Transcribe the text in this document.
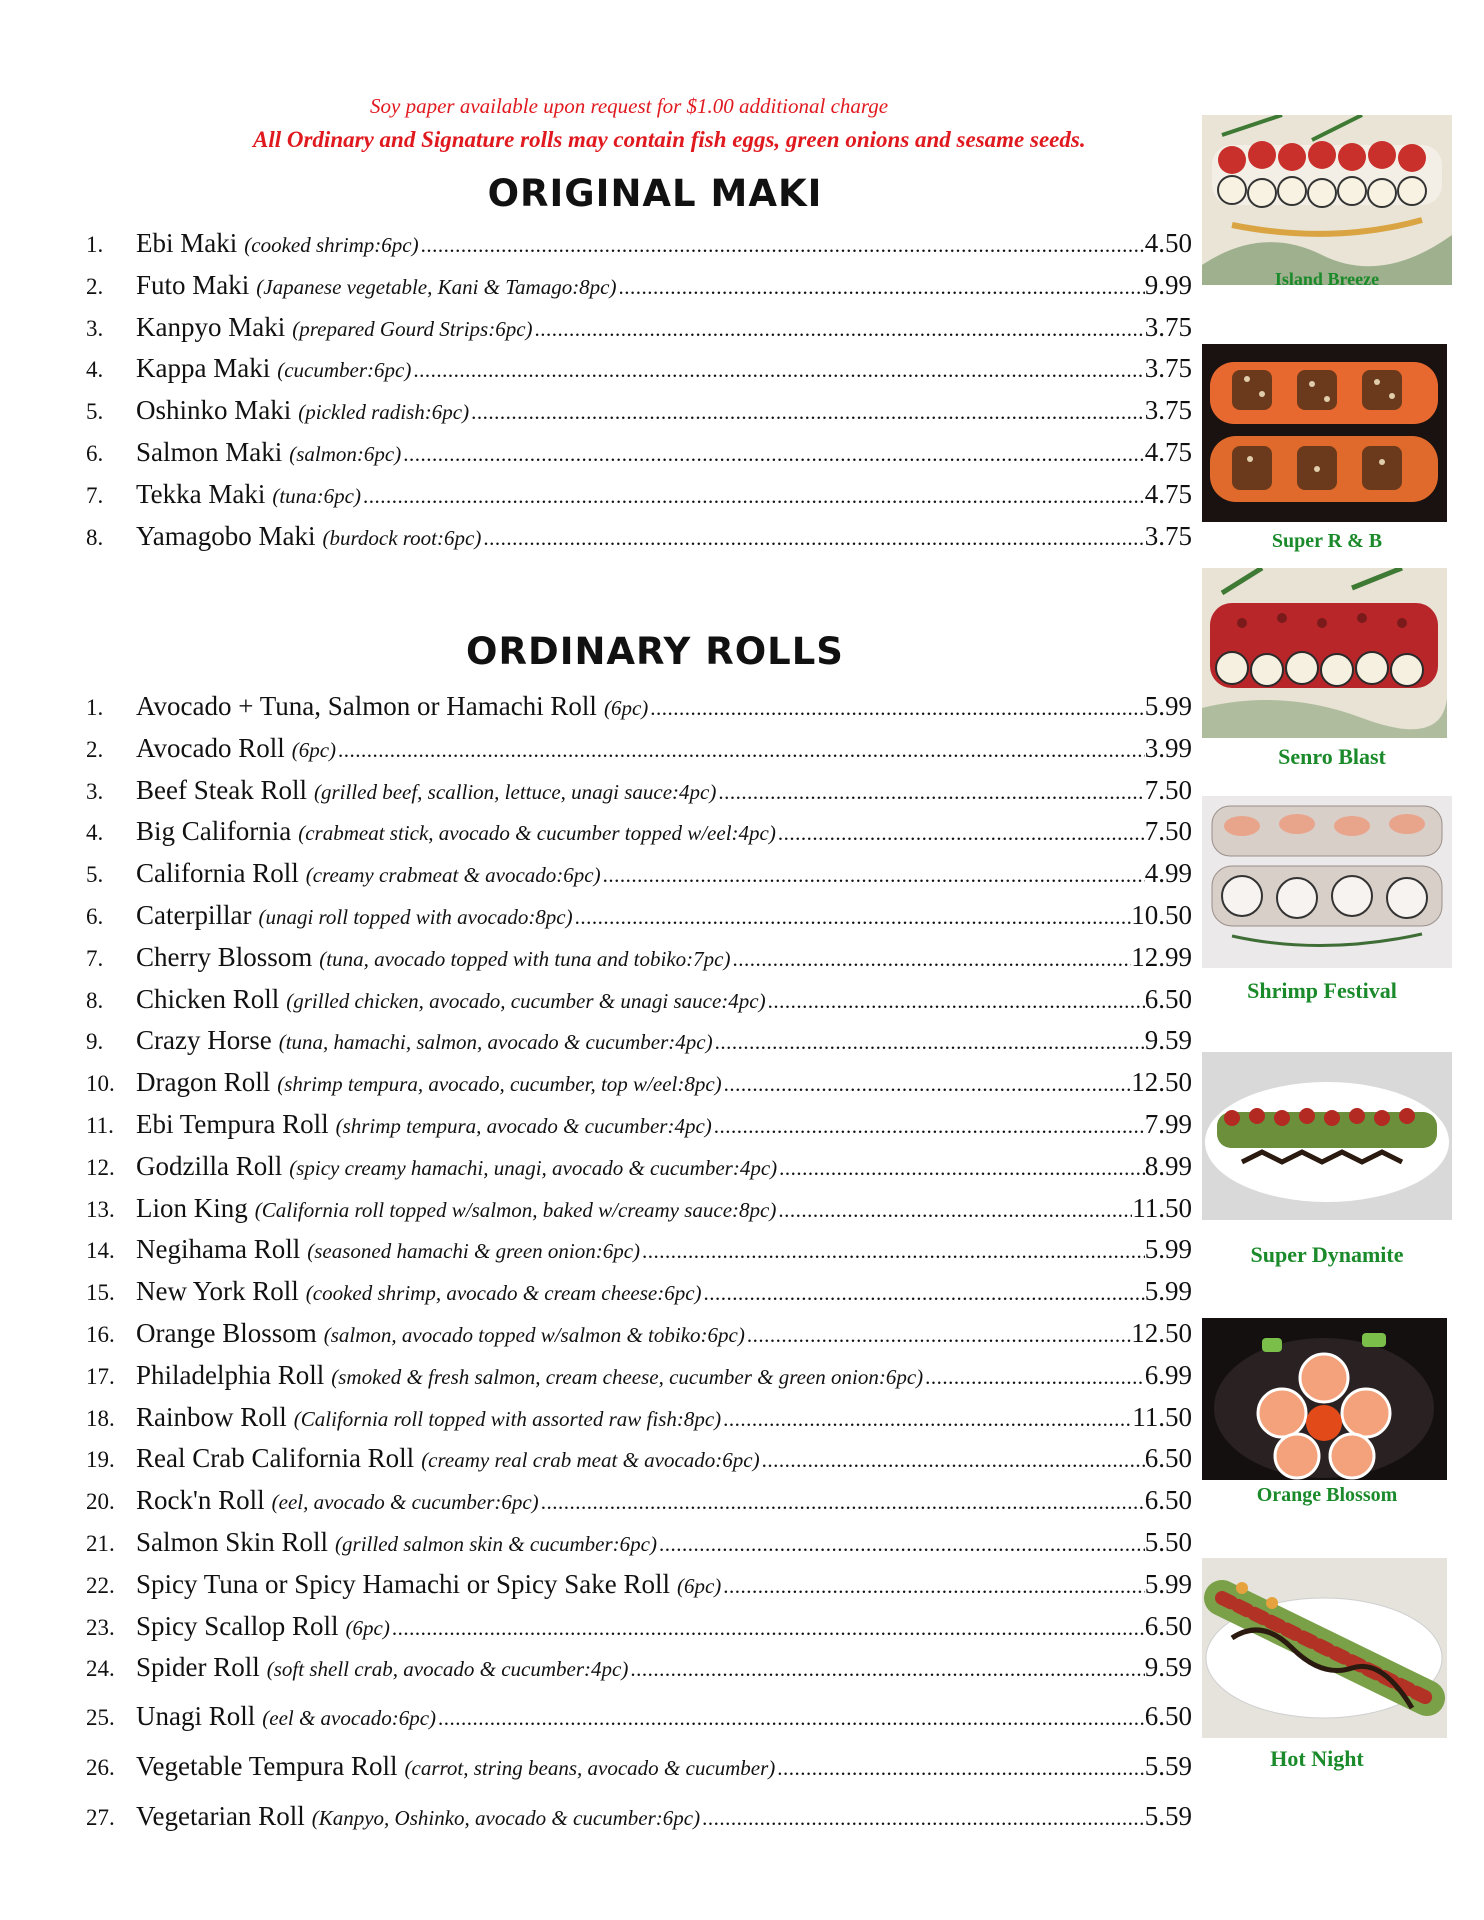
Soy paper available upon request for $1.00 additional charge
All Ordinary and Signature rolls may contain fish eggs, green onions and sesame seeds.
ORIGINAL MAKI
ORDINARY ROLLS
1.	Ebi Maki (cooked shrimp:6pc) .....	4.50
2.	Futo Maki (Japanese vegetable, Kani & Tamago:8pc) .....	9.99
3.	Kanpyo Maki (prepared Gourd Strips:6pc) .....	3.75
4.	Kappa Maki (cucumber:6pc) .....	3.75
5.	Oshinko Maki (pickled radish:6pc) .....	3.75
6.	Salmon Maki (salmon:6pc) .....	4.75
7.	Tekka Maki (tuna:6pc) .....	4.75
8.	Yamagobo Maki (burdock root:6pc) .....	3.75
1.	Avocado + Tuna, Salmon or Hamachi Roll (6pc) .....	5.99
2.	Avocado Roll (6pc) .....	3.99
3.	Beef Steak Roll (grilled beef, scallion, lettuce, unagi sauce:4pc) .....	7.50
4.	Big California (crabmeat stick, avocado & cucumber topped w/eel:4pc) .....	7.50
5.	California Roll (creamy crabmeat & avocado:6pc) .....	4.99
6.	Caterpillar (unagi roll topped with avocado:8pc) .....	10.50
7.	Cherry Blossom (tuna, avocado topped with tuna and tobiko:7pc) .....	12.99
8.	Chicken Roll (grilled chicken, avocado, cucumber & unagi sauce:4pc) .....	6.50
9.	Crazy Horse (tuna, hamachi, salmon, avocado & cucumber:4pc) .....	9.59
10. Dragon Roll (shrimp tempura, avocado, cucumber, top w/eel:8pc) .....	12.50
11. Ebi Tempura Roll (shrimp tempura, avocado & cucumber:4pc) .....	7.99
12. Godzilla Roll (spicy creamy hamachi, unagi, avocado & cucumber:4pc) .....	8.99
13. Lion King (California roll topped w/salmon, baked w/creamy sauce:8pc) .....	11.50
14. Negihama Roll (seasoned hamachi & green onion:6pc) .....	5.99
15. New York Roll (cooked shrimp, avocado & cream cheese:6pc) .....	5.99
16. Orange Blossom (salmon, avocado topped w/salmon & tobiko:6pc) .....	12.50
17. Philadelphia Roll (smoked & fresh salmon, cream cheese, cucumber & green onion:6pc) .....	6.99
18. Rainbow Roll (California roll topped with assorted raw fish:8pc) .....	11.50
19. Real Crab California Roll (creamy real crab meat & avocado:6pc) .....	6.50
20. Rock'n Roll (eel, avocado & cucumber:6pc) .....	6.50
21. Salmon Skin Roll (grilled salmon skin & cucumber:6pc) .....	5.50
22. Spicy Tuna or Spicy Hamachi or Spicy Sake Roll (6pc) .....	5.99
23. Spicy Scallop Roll (6pc) .....	6.50
24. Spider Roll (soft shell crab, avocado & cucumber:4pc) .....	9.59
25. Unagi Roll (eel & avocado:6pc) .....	6.50
26. Vegetable Tempura Roll (carrot, string beans, avocado & cucumber) .....	5.59
27. Vegetarian Roll (Kanpyo, Oshinko, avocado & cucumber:6pc) .....	5.59
Island Breeze
Super R & B
Senro Blast
Shrimp Festival
Super Dynamite
Orange Blossom
Hot Night
